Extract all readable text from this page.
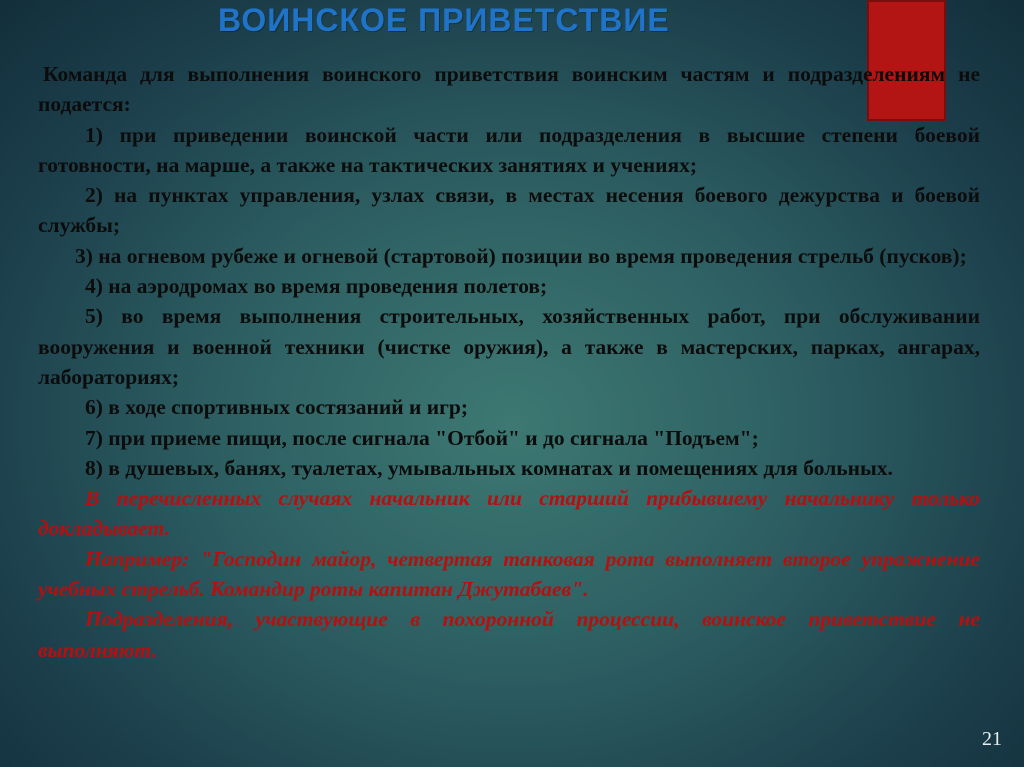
ВОИНСКОЕ ПРИВЕТСТВИЕ

Команда для выполнения воинского приветствия воинским частям и подразделениям не подается:

1) при приведении воинской части или подразделения в высшие степени боевой готовности, на марше, а также на тактических занятиях и учениях;

2) на пунктах управления, узлах связи, в местах несения боевого дежурства и боевой службы;

3) на огневом рубеже и огневой (стартовой) позиции во время проведения стрельб (пусков);

4) на аэродромах во время проведения полетов;

5) во время выполнения строительных, хозяйственных работ, при обслуживании вооружения и военной техники (чистке оружия), а также в мастерских, парках, ангарах, лабораториях;

6) в ходе спортивных состязаний и игр;

7) при приеме пищи, после сигнала "Отбой" и до сигнала "Подъем";

8) в душевых, банях, туалетах, умывальных комнатах и помещениях для больных.

В перечисленных случаях начальник или старший прибывшему начальнику только докладывает.

Например: "Господин майор, четвертая танковая рота выполняет второе упражнение учебных стрельб. Командир роты капитан Джутабаев".

Подразделения, участвующие в похоронной процессии, воинское приветствие не выполняют.

21
